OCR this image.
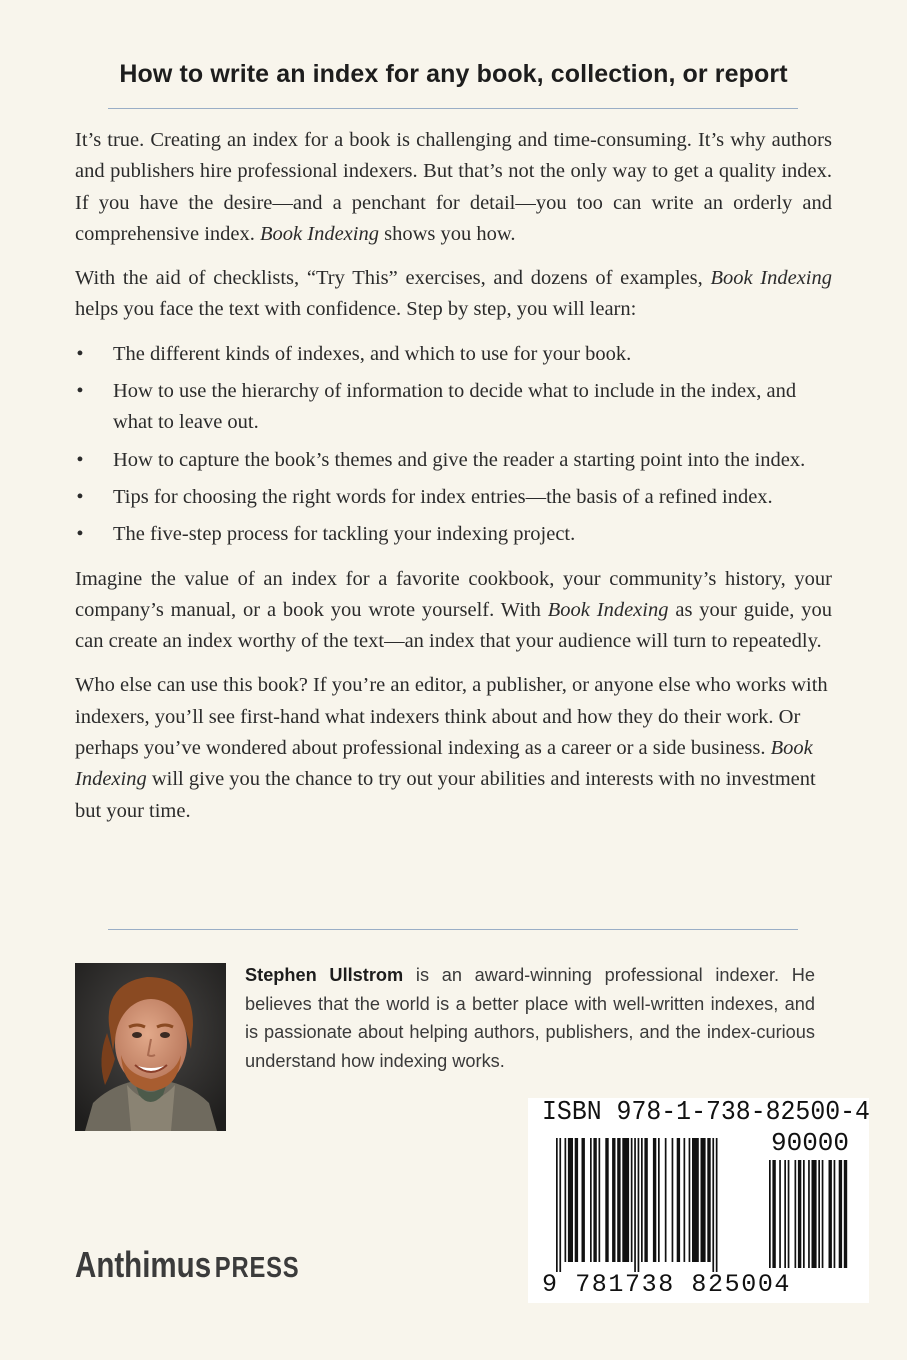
How to write an index for any book, collection, or report

It’s true. Creating an index for a book is challenging and time-consuming. It’s why authors and publishers hire professional indexers. But that’s not the only way to get a quality index. If you have the desire—and a penchant for detail—you too can write an orderly and comprehensive index. Book Indexing shows you how.

With the aid of checklists, “Try This” exercises, and dozens of examples, Book Indexing helps you face the text with confidence. Step by step, you will learn:

• The different kinds of indexes, and which to use for your book.
• How to use the hierarchy of information to decide what to include in the index, and what to leave out.
• How to capture the book’s themes and give the reader a starting point into the index.
• Tips for choosing the right words for index entries—the basis of a refined index.
• The five-step process for tackling your indexing project.

Imagine the value of an index for a favorite cookbook, your community’s history, your company’s manual, or a book you wrote yourself. With Book Indexing as your guide, you can create an index worthy of the text—an index that your audience will turn to repeatedly.

Who else can use this book? If you’re an editor, a publisher, or anyone else who works with indexers, you’ll see first-hand what indexers think about and how they do their work. Or perhaps you’ve wondered about professional indexing as a career or a side business. Book Indexing will give you the chance to try out your abilities and interests with no investment but your time.

Stephen Ullstrom is an award-winning professional indexer. He believes that the world is a better place with well-written indexes, and is passionate about helping authors, publishers, and the index-curious understand how indexing works.
Anthimus PRESS
ISBN 978-1-738-82500-4
90000
9 781738 825004
